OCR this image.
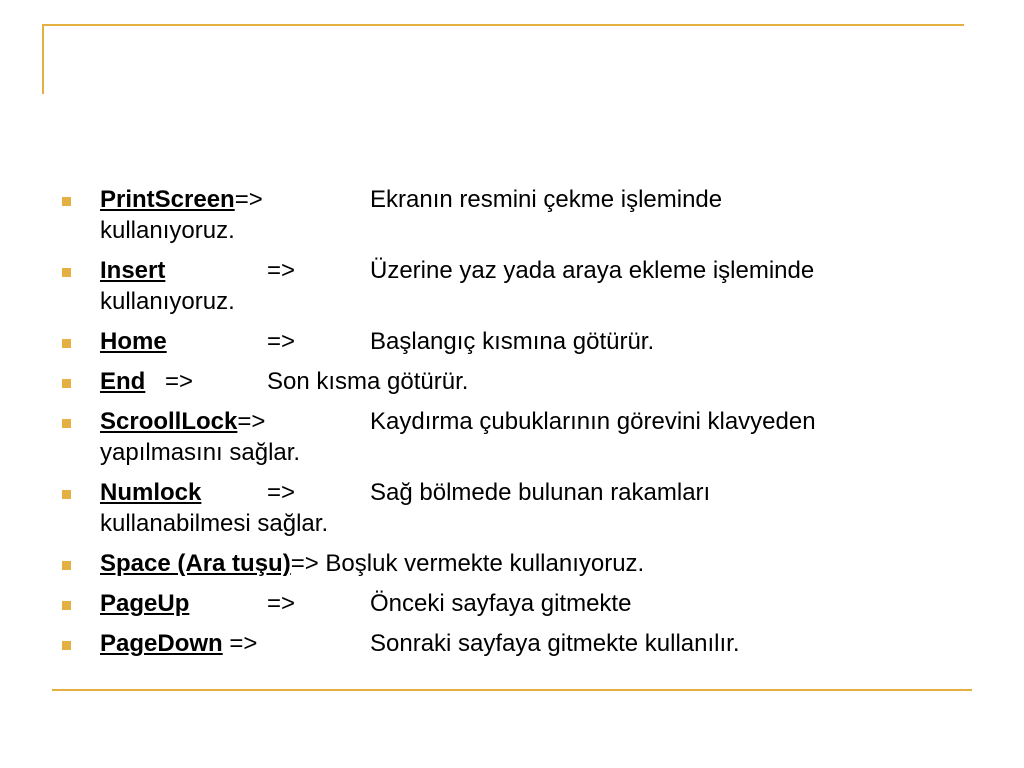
PrintScreen=>	Ekranın resmini çekme işleminde
kullanıyoruz.
Insert	=>	Üzerine yaz yada araya ekleme işleminde
kullanıyoruz.
Home	=>	Başlangıç kısmına götürür.
End =>	Son kısma götürür.
ScroollLock=>	Kaydırma çubuklarının görevini klavyeden
yapılmasını sağlar.
Numlock	=>	Sağ bölmede bulunan rakamları
kullanabilmesi sağlar.
Space (Ara tuşu)=> Boşluk vermekte kullanıyoruz.
PageUp	=>	Önceki sayfaya gitmekte
PageDown =>	Sonraki sayfaya gitmekte kullanılır.
